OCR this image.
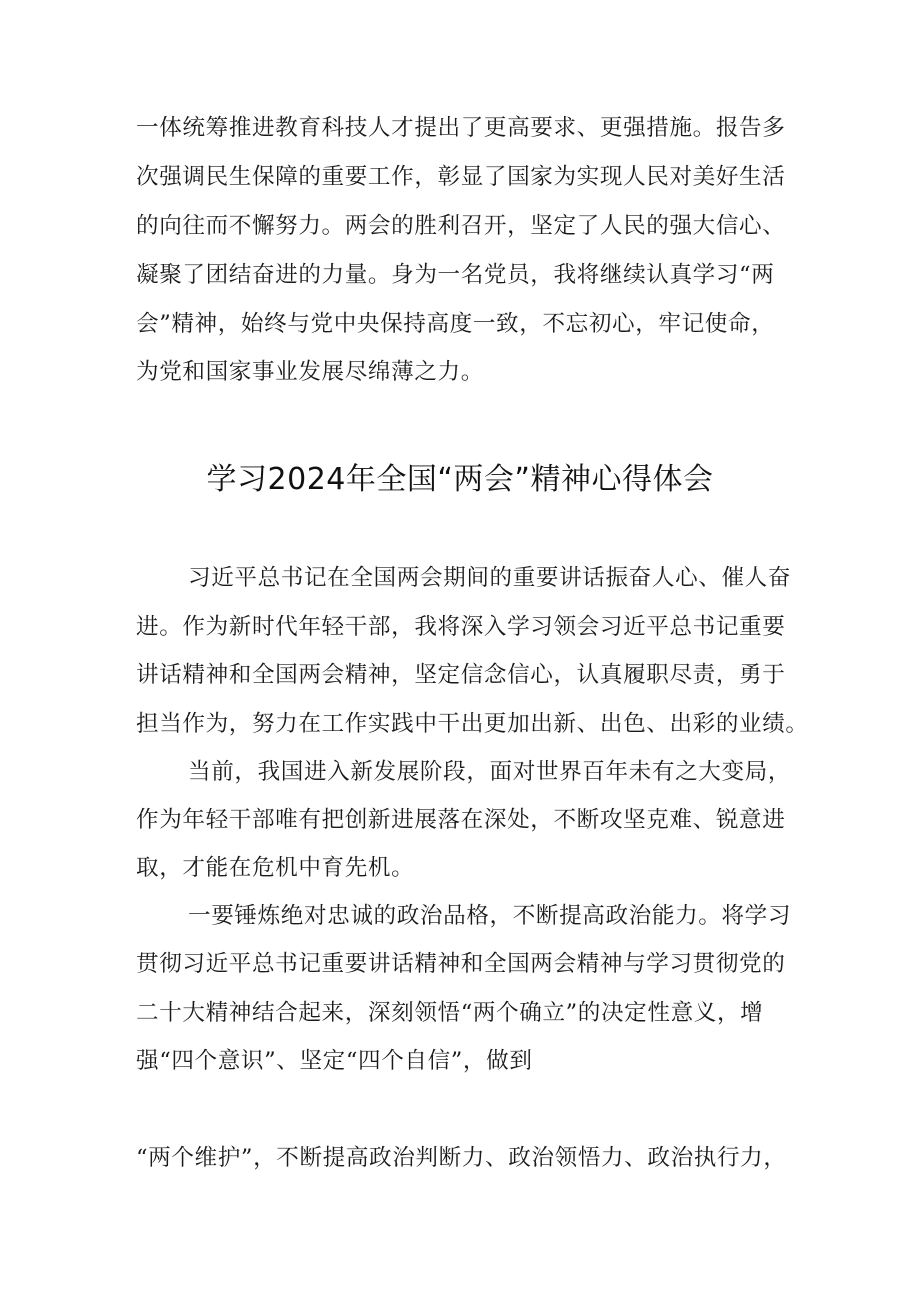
一体统筹推进教育科技人才提出了更高要求、更强措施。报告多
次强调民生保障的重要工作，彰显了国家为实现人民对美好生活
的向往而不懈努力。两会的胜利召开，坚定了人民的强大信心、
凝聚了团结奋进的力量。身为一名党员，我将继续认真学习“两
会”精神，始终与党中央保持高度一致，不忘初心，牢记使命，
为党和国家事业发展尽绵薄之力。
学习2024年全国“两会”精神心得体会
习近平总书记在全国两会期间的重要讲话振奋人心、催人奋
进。作为新时代年轻干部，我将深入学习领会习近平总书记重要
讲话精神和全国两会精神，坚定信念信心，认真履职尽责，勇于
担当作为，努力在工作实践中干出更加出新、出色、出彩的业绩。
当前，我国进入新发展阶段，面对世界百年未有之大变局，
作为年轻干部唯有把创新进展落在深处，不断攻坚克难、锐意进
取，才能在危机中育先机。
一要锤炼绝对忠诚的政治品格，不断提高政治能力。将学习
贯彻习近平总书记重要讲话精神和全国两会精神与学习贯彻党的
二十大精神结合起来，深刻领悟“两个确立”的决定性意义，增
强“四个意识”、坚定“四个自信”，做到
“两个维护”，不断提高政治判断力、政治领悟力、政治执行力，
